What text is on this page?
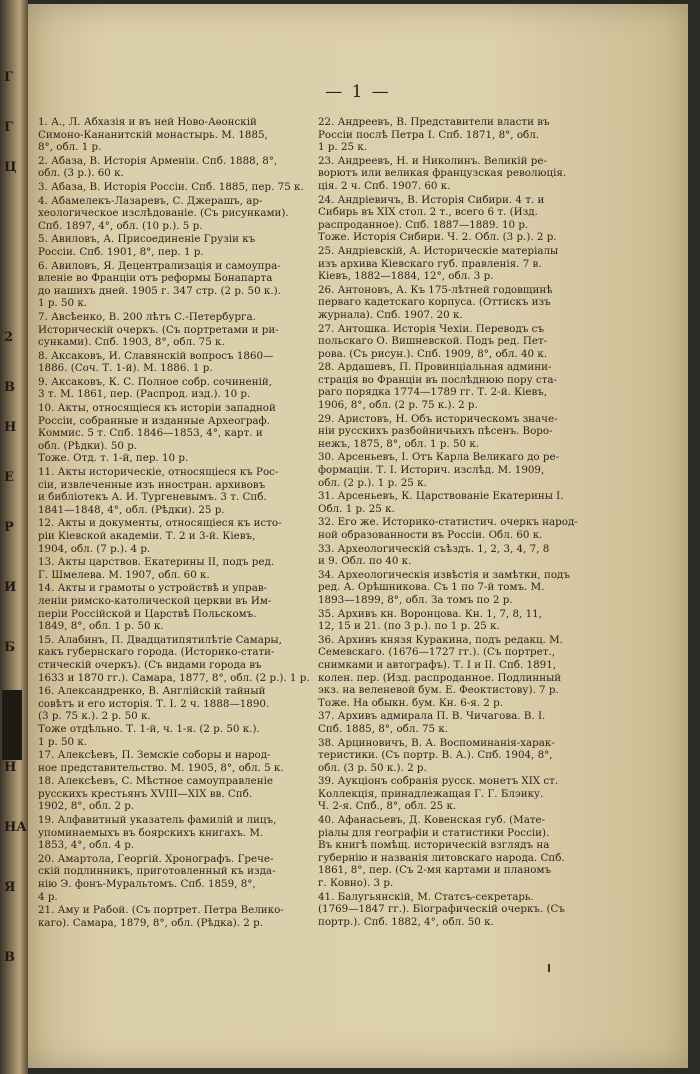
Г
Г
Ц
2
В
Н
Е
Р
И
Б
Н
НА
Я
В
— 1 —
1. А., Л. Абхазія и въ ней Ново-Аѳонскій
Симоно-Кананитскій монастырь. М. 1885,
8°, обл. 1 р.
2. Абаза, В. Исторія Арменіи. Спб. 1888, 8°,
обл. (3 р.). 60 к.
3. Абаза, В. Исторія Россіи. Спб. 1885, пер. 75 к.
4. Абамелекъ-Лазаревъ, С. Джерашъ, ар-
хеологическое изслѣдованіе. (Съ рисунками).
Спб. 1897, 4°, обл. (10 р.). 5 р.
5. Авиловъ, А. Присоединеніе Грузіи къ
Россіи. Спб. 1901, 8°, пер. 1 р.
6. Авиловъ, Я. Децентрализація и самоупра-
вленіе во Франціи отъ реформы Бонапарта
до нашихъ дней. 1905 г. 347 стр. (2 р. 50 к.).
1 р. 50 к.
7. Авсѣенко, В. 200 лѣтъ С.-Петербурга.
Историческій очеркъ. (Съ портретами и ри-
сунками). Спб. 1903, 8°, обл. 75 к.
8. Аксаковъ, И. Славянскій вопросъ 1860—
1886. (Соч. Т. 1-й). М. 1886. 1 р.
9. Аксаковъ, К. С. Полное собр. сочиненій,
3 т. М. 1861, пер. (Распрод. изд.). 10 р.
10. Акты, относящіеся къ исторіи западной
Россіи, собранные и изданные Археограф.
Коммис. 5 т. Спб. 1846—1853, 4°, карт. и
обл. (Рѣдки). 50 р.
Тоже. Отд. т. 1-й, пер. 10 р.
11. Акты историческіе, относящіеся къ Рос-
сіи, извлеченные изъ иностран. архивовъ
и библіотекъ А. И. Тургеневымъ. 3 т. Спб.
1841—1848, 4°, обл. (Рѣдки). 25 р.
12. Акты и документы, относящіеся къ исто-
ріи Кіевской академіи. Т. 2 и 3-й. Кіевъ,
1904, обл. (7 р.). 4 р.
13. Акты царствов. Екатерины II, подъ ред.
Г. Шмелева. М. 1907, обл. 60 к.
14. Акты и грамоты о устройствѣ и управ-
леніи римско-католической церкви въ Им-
періи Россійской и Царствѣ Польскомъ.
1849, 8°, обл. 1 р. 50 к.
15. Алабинъ, П. Двадцатипятилѣтіе Самары,
какъ губернскаго города. (Историко-стати-
стическій очеркъ). (Съ видами города въ
1633 и 1870 гг.). Самара, 1877, 8°, обл. (2 р.). 1 р.
16. Александренко, В. Англійскій тайный
совѣтъ и его исторія. Т. I. 2 ч. 1888—1890.
(3 р. 75 к.). 2 р. 50 к.
Тоже отдѣльно. Т. 1-й, ч. 1-я. (2 р. 50 к.).
1 р. 50 к.
17. Алексѣевъ, П. Земскіе соборы и народ-
ное представительство. М. 1905, 8°, обл. 5 к.
18. Алексѣевъ, С. Мѣстное самоуправленіе
русскихъ крестьянъ XVIII—XIX вв. Спб.
1902, 8°, обл. 2 р.
19. Алфавитный указатель фамилій и лицъ,
упоминаемыхъ въ боярскихъ книгахъ. М.
1853, 4°, обл. 4 р.
20. Амартола, Георгій. Хронографъ. Грече-
скій подлинникъ, приготовленный къ изда-
нію Э. фонъ-Муральтомъ. Спб. 1859, 8°,
4 р.
21. Аму и Рабой. (Съ портрет. Петра Велико-
каго). Самара, 1879, 8°, обл. (Рѣдка). 2 р.
22. Андреевъ, В. Представители власти въ
Россіи послѣ Петра I. Спб. 1871, 8°, обл.
1 р. 25 к.
23. Андреевъ, Н. и Николинъ. Великій ре-
ворютъ или великая французская революція.
ція. 2 ч. Спб. 1907. 60 к.
24. Андріевичъ, В. Исторія Сибири. 4 т. и
Сибирь въ XIX стол. 2 т., всего 6 т. (Изд.
распроданное). Спб. 1887—1889. 10 р.
Тоже. Исторія Сибири. Ч. 2. Обл. (3 р.). 2 р.
25. Андріевскій, А. Историческіе матеріалы
изъ архива Кіевскаго губ. правленія. 7 в.
Кіевъ, 1882—1884, 12°, обл. 3 р.
26. Антоновъ, А. Къ 175-лѣтней годовщинѣ
перваго кадетскаго корпуса. (Оттискъ изъ
журнала). Спб. 1907. 20 к.
27. Антошка. Исторія Чехіи. Переводъ съ
польскаго О. Вишневской. Подъ ред. Пет-
рова. (Съ рисун.). Спб. 1909, 8°, обл. 40 к.
28. Ардашевъ, П. Провинціальная админи-
страція во Франціи въ послѣднюю пору ста-
раго порядка 1774—1789 гг. Т. 2-й. Кіевъ,
1906, 8°, обл. (2 р. 75 к.). 2 р.
29. Аристовъ, Н. Объ историческомъ значе-
ніи русскихъ разбойничьихъ пѣсенъ. Воро-
нежъ, 1875, 8°, обл. 1 р. 50 к.
30. Арсеньевъ, I. Отъ Карла Великаго до ре-
формаціи. Т. I. Историч. изслѣд. М. 1909,
обл. (2 р.). 1 р. 25 к.
31. Арсеньевъ, К. Царствованіе Екатерины I.
Обл. 1 р. 25 к.
32. Его же. Историко-статистич. очеркъ народ-
ной образованности въ Россіи. Обл. 60 к.
33. Археологическій съѣздъ. 1, 2, 3, 4, 7, 8
и 9. Обл. по 40 к.
34. Археологическія извѣстія и замѣтки, подъ
ред. А. Орѣшникова. Съ 1 по 7-й томъ. М.
1893—1899, 8°, обл. За томъ по 2 р.
35. Архивъ кн. Воронцова. Кн. 1, 7, 8, 11,
12, 15 и 21. (по 3 р.). по 1 р. 25 к.
36. Архивъ князя Куракина, подъ редакц. М.
Семевскаго. (1676—1727 гг.). (Съ портрет.,
снимками и автографъ). Т. I и II. Спб. 1891,
колен. пер. (Изд. распроданное. Подлинный
экз. на веленевой бум. Е. Феоктистову). 7 р.
Тоже. На обыкн. бум. Кн. 6-я. 2 р.
37. Архивъ адмирала П. В. Чичагова. В. I.
Спб. 1885, 8°, обл. 75 к.
38. Арциновичъ, В. А. Воспоминанія-харак-
теристики. (Съ портр. В. А.). Спб. 1904, 8°,
обл. (3 р. 50 к.). 2 р.
39. Аукціонъ собранія русск. монетъ XIX ст.
Коллекція, принадлежащая Г. Г. Блэику.
Ч. 2-я. Спб., 8°, обл. 25 к.
40. Афанасьевъ, Д. Ковенская губ. (Мате-
ріалы для географіи и статистики Россіи).
Въ книгѣ помѣщ. историческій взглядъ на
губернію и названія литовскаго народа. Спб.
1861, 8°, пер. (Съ 2-мя картами и планомъ
г. Ковно). 3 р.
41. Балугьянскій, М. Статсъ-секретарь.
(1769—1847 гг.). Біографическій очеркъ. (Съ
портр.). Спб. 1882, 4°, обл. 50 к.
